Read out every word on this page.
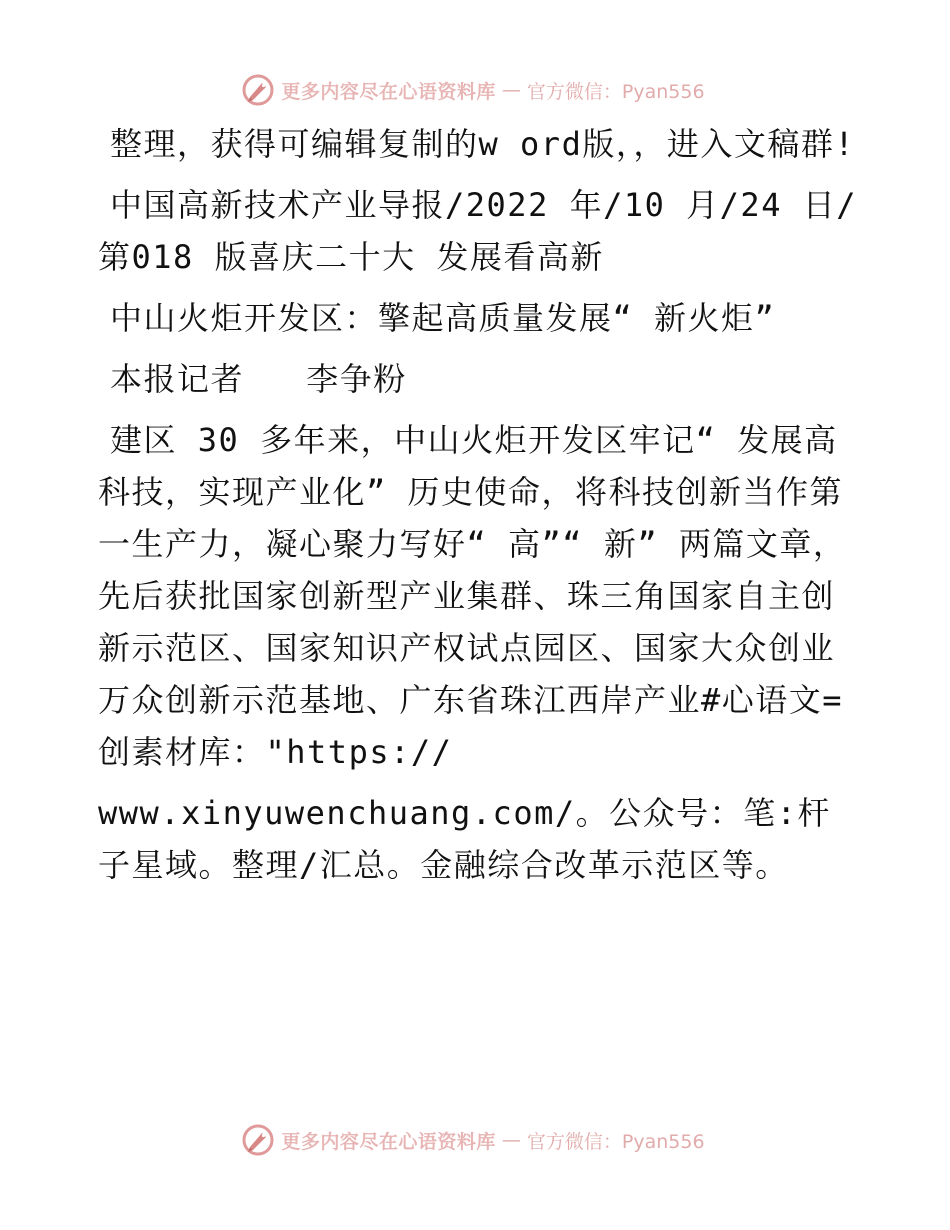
更多内容尽在心语资料库 — 官方微信：Pyan556

整理，获得可编辑复制的w ord版，，进入文稿群!

中国高新技术产业导报/2022 年/10 月/24 日/第018 版喜庆二十大 发展看高新

中山火炬开发区：擎起高质量发展“ 新火炬”

本报记者   李争粉

建区 30 多年来，中山火炬开发区牢记“ 发展高科技，实现产业化” 历史使命，将科技创新当作第一生产力，凝心聚力写好“ 高”“ 新” 两篇文章，先后获批国家创新型产业集群、珠三角国家自主创新示范区、国家知识产权试点园区、国家大众创业万众创新示范基地、广东省珠江西岸产业#心语文=创素材库："https://

www.xinyuwenchuang.com/。公众号：笔:杆子星域。整理/汇总。金融综合改革示范区等。

更多内容尽在心语资料库 — 官方微信：Pyan556
